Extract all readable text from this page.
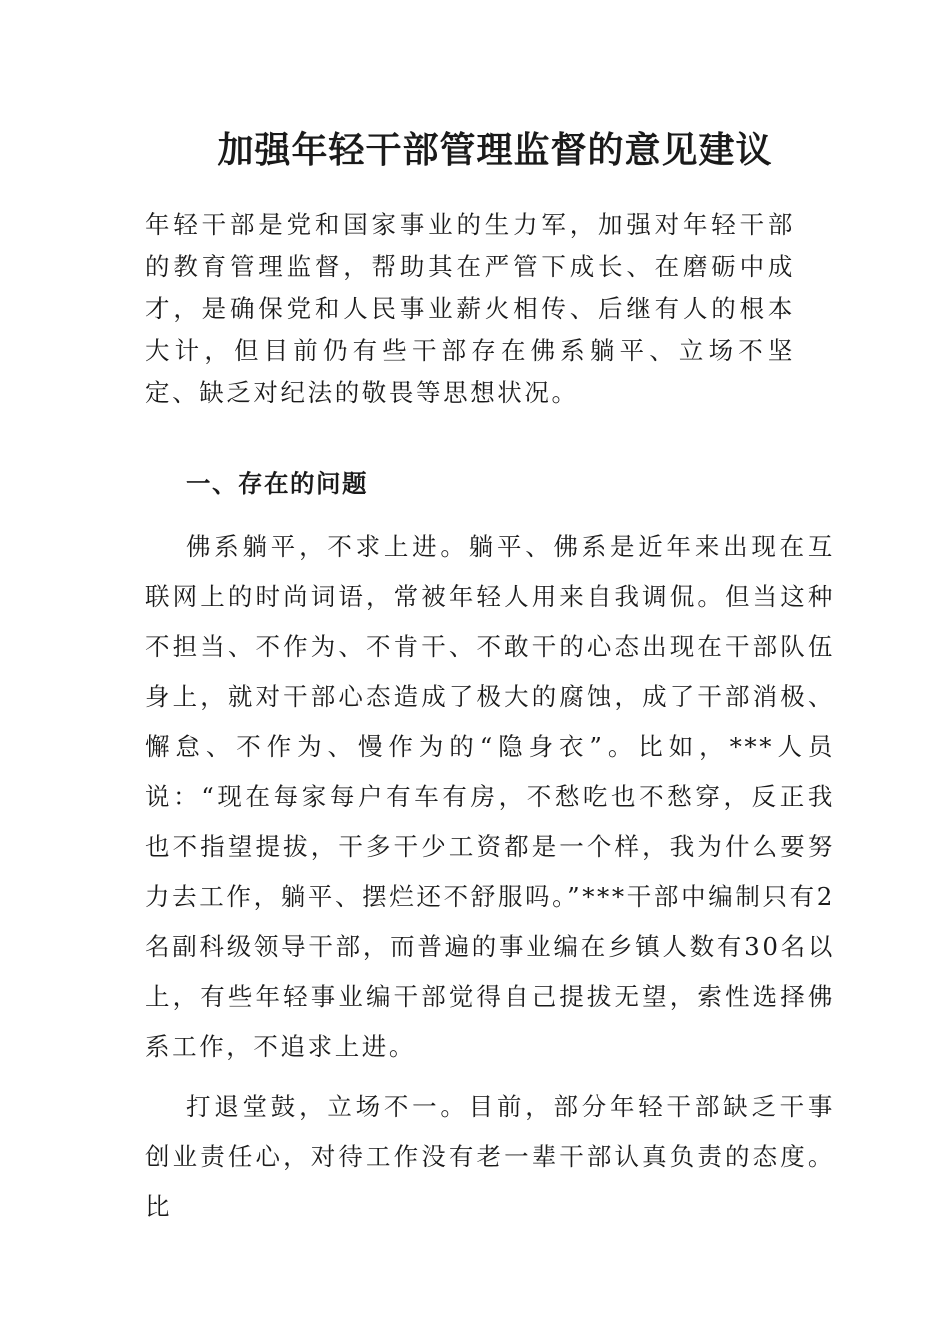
加强年轻干部管理监督的意见建议

年轻干部是党和国家事业的生力军，加强对年轻干部的教育管理监督，帮助其在严管下成长、在磨砺中成才，是确保党和人民事业薪火相传、后继有人的根本大计，但目前仍有些干部存在佛系躺平、立场不坚定、缺乏对纪法的敬畏等思想状况。

一、存在的问题

佛系躺平，不求上进。躺平、佛系是近年来出现在互联网上的时尚词语，常被年轻人用来自我调侃。但当这种不担当、不作为、不肯干、不敢干的心态出现在干部队伍身上，就对干部心态造成了极大的腐蚀，成了干部消极、懈怠、不作为、慢作为的“隐身衣”。比如，***人员说：“现在每家每户有车有房，不愁吃也不愁穿，反正我也不指望提拔，干多干少工资都是一个样，我为什么要努力去工作，躺平、摆烂还不舒服吗。”***干部中编制只有2名副科级领导干部，而普遍的事业编在乡镇人数有30名以上，有些年轻事业编干部觉得自己提拔无望，索性选择佛系工作，不追求上进。

打退堂鼓，立场不一。目前，部分年轻干部缺乏干事创业责任心，对待工作没有老一辈干部认真负责的态度。比
